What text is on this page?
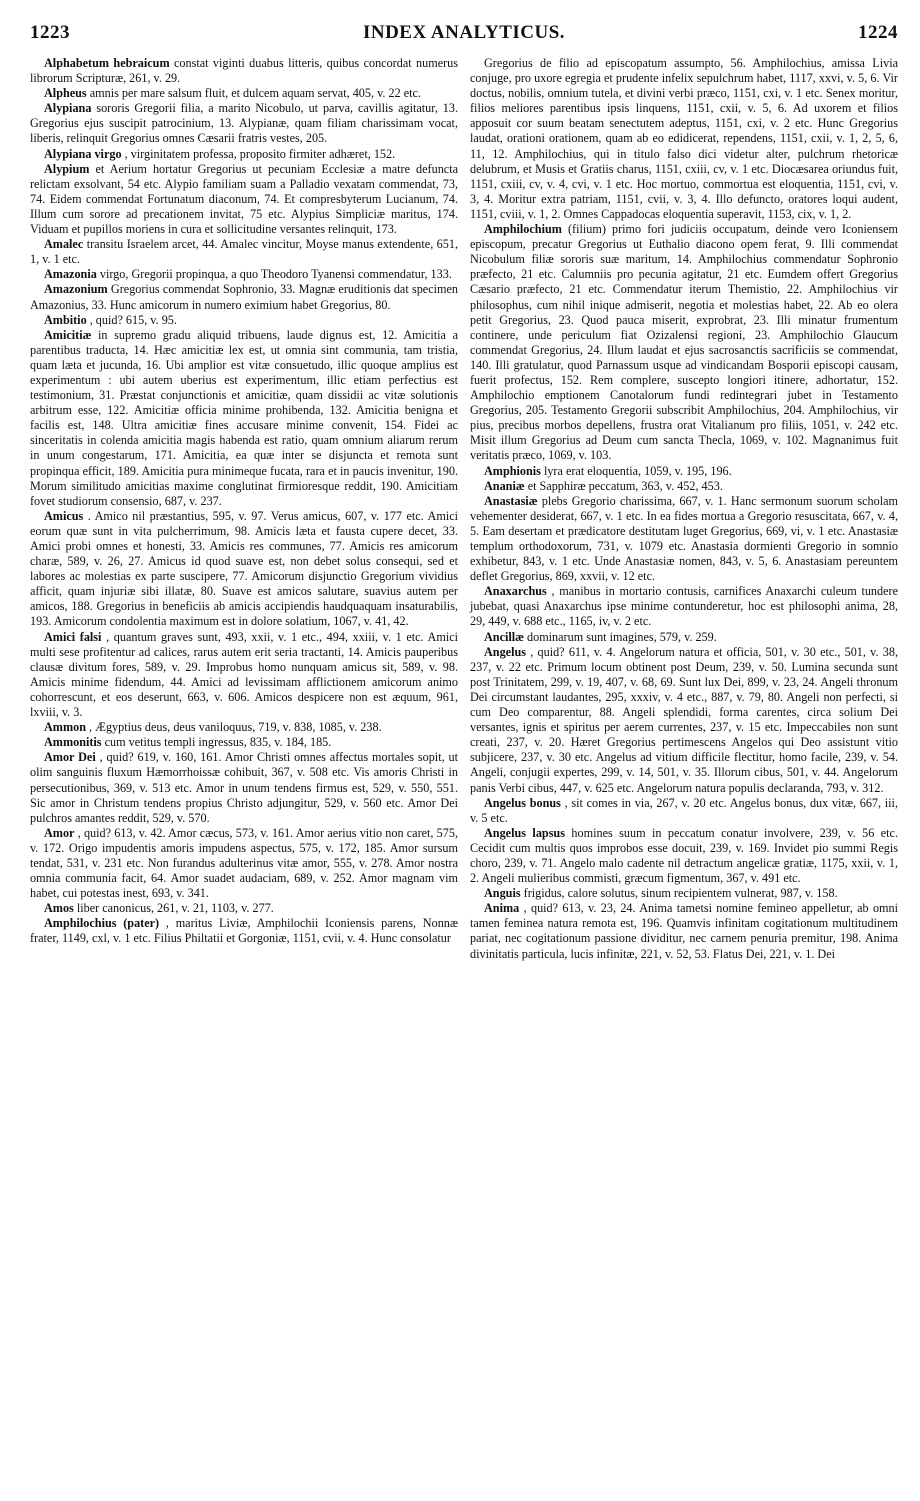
1223	INDEX ANALYTICUS.	1224

Alphabetum hebraicum constat viginti duabus litteris, quibus concordat numerus librorum Scripturæ, 261, v. 29.

Alpheus amnis per mare salsum fluit, et dulcem aquam servat, 405, v. 22 etc.

Alypiana sororis Gregorii filia, a marito Nicobulo, ut parva, cavillis agitatur, 13. Gregorius ejus suscipit patrocinium, 13. Alypianæ, quam filiam charissimam vocat, liberis, relinquit Gregorius omnes Cæsarii fratris vestes, 205.

Alypiana virgo , virginitatem professa, proposito firmiter adhæret, 152.

Alypium et Aerium hortatur Gregorius ut pecuniam Ecclesiæ a matre defuncta relictam exsolvant, 54 etc. Alypio familiam suam a Palladio vexatam commendat, 73, 74. Eidem commendat Fortunatum diaconum, 74. Et compresbyterum Lucianum, 74. Illum cum sorore ad precationem invitat, 75 etc. Alypius Simpliciæ maritus, 174. Viduam et pupillos moriens in cura et sollicitudine versantes relinquit, 173.

Amalec transitu Israelem arcet, 44. Amalec vincitur, Moyse manus extendente, 651, 1, v. 1 etc.

Amazonia virgo, Gregorii propinqua, a quo Theodoro Tyanensi commendatur, 133.

Amazonium Gregorius commendat Sophronio, 33. Magnæ eruditionis dat specimen Amazonius, 33. Hunc amicorum in numero eximium habet Gregorius, 80.

Ambitio , quid? 615, v. 95.

Amicitiæ in supremo gradu aliquid tribuens, laude dignus est, 12. Amicitia a parentibus traducta, 14. Hæc amicitiæ lex est, ut omnia sint communia, tam tristia, quam læta et jucunda, 16. Ubi amplior est vitæ consuetudo, illic quoque amplius est experimentum : ubi autem uberius est experimentum, illic etiam perfectius est testimonium, 31. Præstat conjunctionis et amicitiæ, quam dissidii ac vitæ solutionis arbitrum esse, 122. Amicitiæ officia minime prohibenda, 132. Amicitia benigna et facilis est, 148. Ultra amicitiæ fines accusare minime convenit, 154. Fidei ac sinceritatis in colenda amicitia magis habenda est ratio, quam omnium aliarum rerum in unum congestarum, 171. Amicitia, ea quæ inter se disjuncta et remota sunt propinqua efficit, 189. Amicitia pura minimeque fucata, rara et in paucis invenitur, 190. Morum similitudo amicitias maxime conglutinat firmioresque reddit, 190. Amicitiam fovet studiorum consensio, 687, v. 237.

Amicus . Amico nil præstantius, 595, v. 97. Verus amicus, 607, v. 177 etc. Amici eorum quæ sunt in vita pulcherrimum, 98. Amicis læta et fausta cupere decet, 33. Amici probi omnes et honesti, 33. Amicis res communes, 77. Amicis res amicorum charæ, 589, v. 26, 27. Amicus id quod suave est, non debet solus consequi, sed et labores ac molestias ex parte suscipere, 77. Amicorum disjunctio Gregorium vividius afficit, quam injuriæ sibi illatæ, 80. Suave est amicos salutare, suavius autem per amicos, 188. Gregorius in beneficiis ab amicis accipiendis haudquaquam insaturabilis, 193. Amicorum condolentia maximum est in dolore solatium, 1067, v. 41, 42.

Amici falsi , quantum graves sunt, 493, xxii, v. 1 etc., 494, xxiii, v. 1 etc. Amici multi sese profitentur ad calices, rarus autem erit seria tractanti, 14. Amicis pauperibus clausæ divitum fores, 589, v. 29. Improbus homo nunquam amicus sit, 589, v. 98. Amicis minime fidendum, 44. Amici ad levissimam afflictionem amicorum animo cohorrescunt, et eos deserunt, 663, v. 606. Amicos despicere non est æquum, 961, lxviii, v. 3.

Ammon , Ægyptius deus, deus vaniloquus, 719, v. 838, 1085, v. 238.

Ammonitis cum vetitus templi ingressus, 835, v. 184, 185.

Amor Dei , quid? 619, v. 160, 161. Amor Christi omnes affectus mortales sopit, ut olim sanguinis fluxum Hæmorrhoissæ cohibuit, 367, v. 508 etc. Vis amoris Christi in persecutionibus, 369, v. 513 etc. Amor in unum tendens firmus est, 529, v. 550, 551. Sic amor in Christum tendens propius Christo adjungitur, 529, v. 560 etc. Amor Dei pulchros amantes reddit, 529, v. 570.

Amor , quid? 613, v. 42. Amor cæcus, 573, v. 161. Amor aerius vitio non caret, 575, v. 172. Origo impudentis amoris impudens aspectus, 575, v. 172, 185. Amor sursum tendat, 531, v. 231 etc. Non furandus adulterinus vitæ amor, 555, v. 278. Amor nostra omnia communia facit, 64. Amor suadet audaciam, 689, v. 252. Amor magnam vim habet, cui potestas inest, 693, v. 341.

Amos liber canonicus, 261, v. 21, 1103, v. 277.

Amphilochius (pater) , maritus Liviæ, Amphilochii Iconiensis parens, Nonnæ frater, 1149, cxl, v. 1 etc. Filius Philtatii et Gorgoniæ, 1151, cvii, v. 4. Hunc consolatur

Gregorius de filio ad episcopatum assumpto, 56. Amphilochius, amissa Livia conjuge, pro uxore egregia et prudente infelix sepulchrum habet, 1117, xxvi, v. 5, 6. Vir doctus, nobilis, omnium tutela, et divini verbi præco, 1151, cxi, v. 1 etc. Senex moritur, filios meliores parentibus ipsis linquens, 1151, cxii, v. 5, 6. Ad uxorem et filios apposuit cor suum beatam senectutem adeptus, 1151, cxi, v. 2 etc. Hunc Gregorius laudat, orationi orationem, quam ab eo edidicerat, rependens, 1151, cxii, v. 1, 2, 5, 6, 11, 12. Amphilochius, qui in titulo falso dici videtur alter, pulchrum rhetoricæ delubrum, et Musis et Gratiis charus, 1151, cxiii, cv, v. 1 etc. Diocæsarea oriundus fuit, 1151, cxiii, cv, v. 4, cvi, v. 1 etc. Hoc mortuo, commortua est eloquentia, 1151, cvi, v. 3, 4. Moritur extra patriam, 1151, cvii, v. 3, 4. Illo defuncto, oratores loqui audent, 1151, cviii, v. 1, 2. Omnes Cappadocas eloquentia superavit, 1153, cix, v. 1, 2.

Amphilochium (filium) primo fori judiciis occupatum, deinde vero Iconiensem episcopum, precatur Gregorius ut Euthalio diacono opem ferat, 9. Illi commendat Nicobulum filiæ sororis suæ maritum, 14. Amphilochius commendatur Sophronio præfecto, 21 etc. Calumniis pro pecunia agitatur, 21 etc. Eumdem offert Gregorius Cæsario præfecto, 21 etc. Commendatur iterum Themistio, 22. Amphilochius vir philosophus, cum nihil inique admiserit, negotia et molestias habet, 22. Ab eo olera petit Gregorius, 23. Quod pauca miserit, exprobrat, 23. Illi minatur frumentum continere, unde periculum fiat Ozizalensi regioni, 23. Amphilochio Glaucum commendat Gregorius, 24. Illum laudat et ejus sacrosanctis sacrificiis se commendat, 140. Illi gratulatur, quod Parnassum usque ad vindicandam Bosporii episcopi causam, fuerit profectus, 152. Rem complere, suscepto longiori itinere, adhortatur, 152. Amphilochio emptionem Canotalorum fundi redintegrari jubet in Testamento Gregorius, 205. Testamento Gregorii subscribit Amphilochius, 204. Amphilochius, vir pius, precibus morbos depellens, frustra orat Vitalianum pro filiis, 1051, v. 242 etc. Misit illum Gregorius ad Deum cum sancta Thecla, 1069, v. 102. Magnanimus fuit veritatis præco, 1069, v. 103.

Amphionis lyra erat eloquentia, 1059, v. 195, 196.

Ananiæ et Sapphiræ peccatum, 363, v. 452, 453.

Anastasiæ plebs Gregorio charissima, 667, v. 1. Hanc sermonum suorum scholam vehementer desiderat, 667, v. 1 etc. In ea fides mortua a Gregorio resuscitata, 667, v. 4, 5. Eam desertam et prædicatore destitutam luget Gregorius, 669, vi, v. 1 etc. Anastasiæ templum orthodoxorum, 731, v. 1079 etc. Anastasia dormienti Gregorio in somnio exhibetur, 843, v. 1 etc. Unde Anastasiæ nomen, 843, v. 5, 6. Anastasiam pereuntem deflet Gregorius, 869, xxvii, v. 12 etc.

Anaxarchus , manibus in mortario contusis, carnifices Anaxarchi culeum tundere jubebat, quasi Anaxarchus ipse minime contunderetur, hoc est philosophi anima, 28, 29, 449, v. 688 etc., 1165, iv, v. 2 etc.

Ancillæ dominarum sunt imagines, 579, v. 259.

Angelus , quid? 611, v. 4. Angelorum natura et officia, 501, v. 30 etc., 501, v. 38, 237, v. 22 etc. Primum locum obtinent post Deum, 239, v. 50. Lumina secunda sunt post Trinitatem, 299, v. 19, 407, v. 68, 69. Sunt lux Dei, 899, v. 23, 24. Angeli thronum Dei circumstant laudantes, 295, xxxiv, v. 4 etc., 887, v. 79, 80. Angeli non perfecti, si cum Deo comparentur, 88. Angeli splendidi, forma carentes, circa solium Dei versantes, ignis et spiritus per aerem currentes, 237, v. 15 etc. Impeccabiles non sunt creati, 237, v. 20. Hæret Gregorius pertimescens Angelos qui Deo assistunt vitio subjicere, 237, v. 30 etc. Angelus ad vitium difficile flectitur, homo facile, 239, v. 54. Angeli, conjugii expertes, 299, v. 14, 501, v. 35. Illorum cibus, 501, v. 44. Angelorum panis Verbi cibus, 447, v. 625 etc. Angelorum natura populis declaranda, 793, v. 312.

Angelus bonus , sit comes in via, 267, v. 20 etc. Angelus bonus, dux vitæ, 667, iii, v. 5 etc.

Angelus lapsus homines suum in peccatum conatur involvere, 239, v. 56 etc. Cecidit cum multis quos improbos esse docuit, 239, v. 169. Invidet pio summi Regis choro, 239, v. 71. Angelo malo cadente nil detractum angelicæ gratiæ, 1175, xxii, v. 1, 2. Angeli mulieribus commisti, græcum figmentum, 367, v. 491 etc.

Anguis frigidus, calore solutus, sinum recipientem vulnerat, 987, v. 158.

Anima , quid? 613, v. 23, 24. Anima tametsi nomine femineo appelletur, ab omni tamen feminea natura remota est, 196. Quamvis infinitam cogitationum multitudinem pariat, nec cogitationum passione dividitur, nec carnem penuria premitur, 198. Anima divinitatis particula, lucis infinitæ, 221, v. 52, 53. Flatus Dei, 221, v. 1. Dei
